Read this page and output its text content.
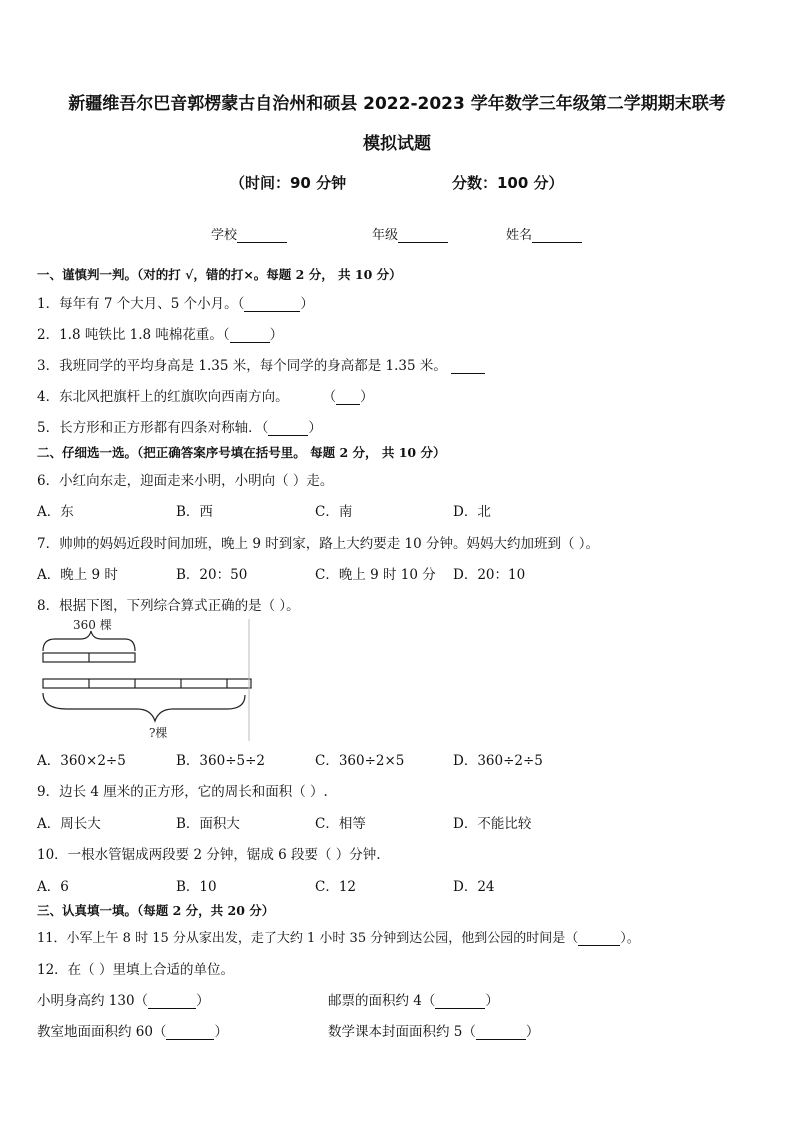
新疆维吾尔巴音郭楞蒙古自治州和硕县 2022-2023 学年数学三年级第二学期期末联考
模拟试题
（时间：90 分钟	分数：100 分）
学校	年级	姓名
一、谨慎判一判。（对的打 √，错的打×。每题 2 分， 共 10 分）
1．每年有 7 个大月、5 个小月。（	）
2．1.8 吨铁比 1.8 吨棉花重。（	）
3．我班同学的平均身高是 1.35 米，每个同学的身高都是 1.35 米。
4．东北风把旗杆上的红旗吹向西南方向。	（ ）
5．长方形和正方形都有四条对称轴．（	）
二、仔细选一选。（把正确答案序号填在括号里。 每题 2 分， 共 10 分）
6．小红向东走，迎面走来小明，小明向（ ）走。
A．东	B．西	C．南	D．北
7．帅帅的妈妈近段时间加班，晚上 9 时到家，路上大约要走 10 分钟。妈妈大约加班到（ ）。
A．晚上 9 时	B．20：50	C．晚上 9 时 10 分 D．20：10
8．根据下图，下列综合算式正确的是（ ）。
360 棵
?棵
A．360×2÷5	B．360÷5÷2	C．360÷2×5	D．360÷2÷5
9．边长 4 厘米的正方形，它的周长和面积（ ）.
A．周长大	B．面积大	C．相等	D．不能比较
10．一根水管锯成两段要 2 分钟，锯成 6 段要（ ）分钟.
A．6	B．10	C．12	D．24
三、认真填一填。（每题 2 分，共 20 分）
11．小军上午 8 时 15 分从家出发，走了大约 1 小时 35 分钟到达公园，他到公园的时间是（	）。
12．在（ ）里填上合适的单位。
小明身高约 130（	）	邮票的面积约 4（	）
教室地面面积约 60（	）	数学课本封面面积约 5（	）
